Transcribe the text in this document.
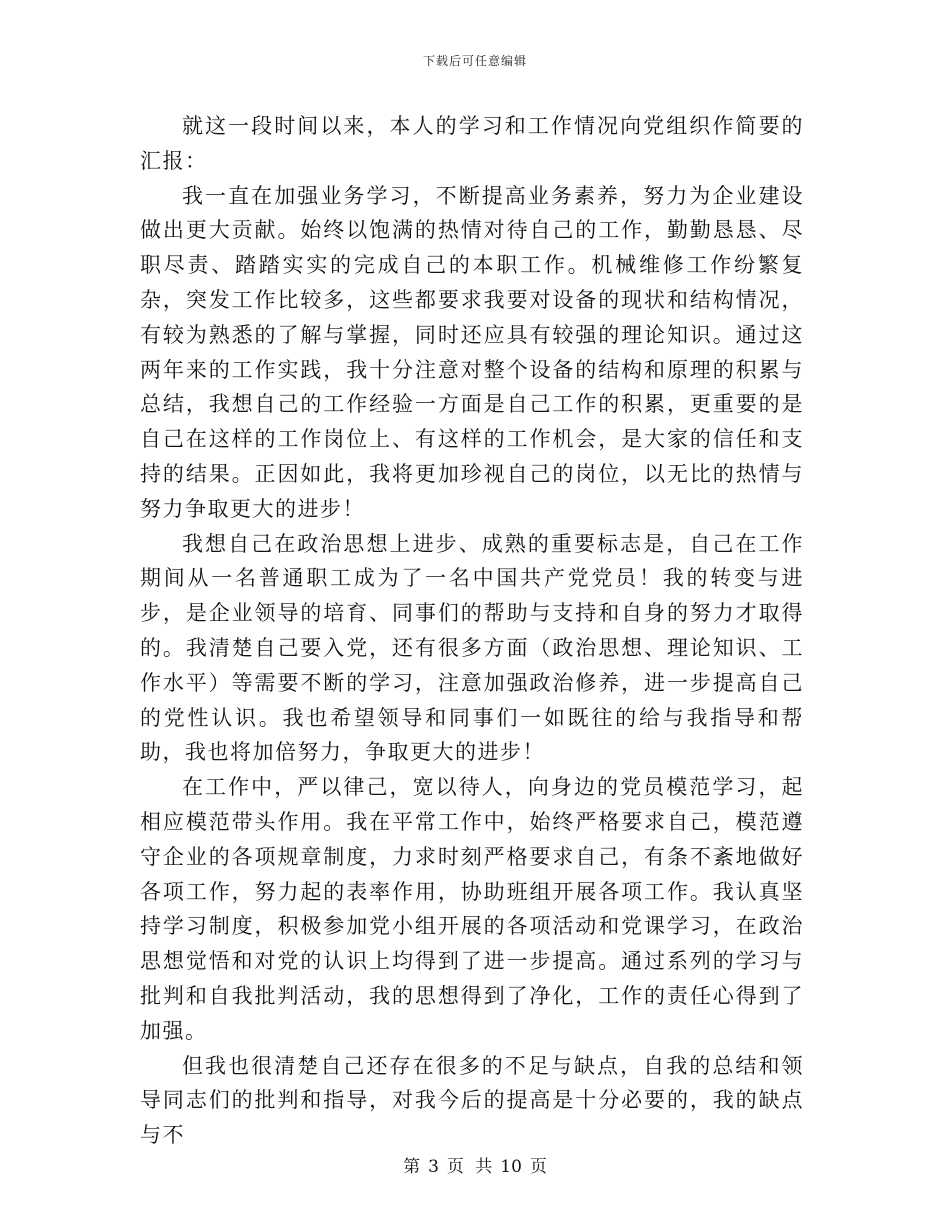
下载后可任意编辑

就这一段时间以来，本人的学习和工作情况向党组织作简要的汇报：

我一直在加强业务学习，不断提高业务素养，努力为企业建设做出更大贡献。始终以饱满的热情对待自己的工作，勤勤恳恳、尽职尽责、踏踏实实的完成自己的本职工作。机械维修工作纷繁复杂，突发工作比较多，这些都要求我要对设备的现状和结构情况，有较为熟悉的了解与掌握，同时还应具有较强的理论知识。通过这两年来的工作实践，我十分注意对整个设备的结构和原理的积累与总结，我想自己的工作经验一方面是自己工作的积累，更重要的是自己在这样的工作岗位上、有这样的工作机会，是大家的信任和支持的结果。正因如此，我将更加珍视自己的岗位，以无比的热情与努力争取更大的进步！

我想自己在政治思想上进步、成熟的重要标志是，自己在工作期间从一名普通职工成为了一名中国共产党党员！我的转变与进步，是企业领导的培育、同事们的帮助与支持和自身的努力才取得的。我清楚自己要入党，还有很多方面（政治思想、理论知识、工作水平）等需要不断的学习，注意加强政治修养，进一步提高自己的党性认识。我也希望领导和同事们一如既往的给与我指导和帮助，我也将加倍努力，争取更大的进步！

在工作中，严以律己，宽以待人，向身边的党员模范学习，起相应模范带头作用。我在平常工作中，始终严格要求自己，模范遵守企业的各项规章制度，力求时刻严格要求自己，有条不紊地做好各项工作，努力起的表率作用，协助班组开展各项工作。我认真坚持学习制度，积极参加党小组开展的各项活动和党课学习，在政治思想觉悟和对党的认识上均得到了进一步提高。通过系列的学习与批判和自我批判活动，我的思想得到了净化，工作的责任心得到了加强。

但我也很清楚自己还存在很多的不足与缺点，自我的总结和领导同志们的批判和指导，对我今后的提高是十分必要的，我的缺点与不

第 3 页 共 10 页
